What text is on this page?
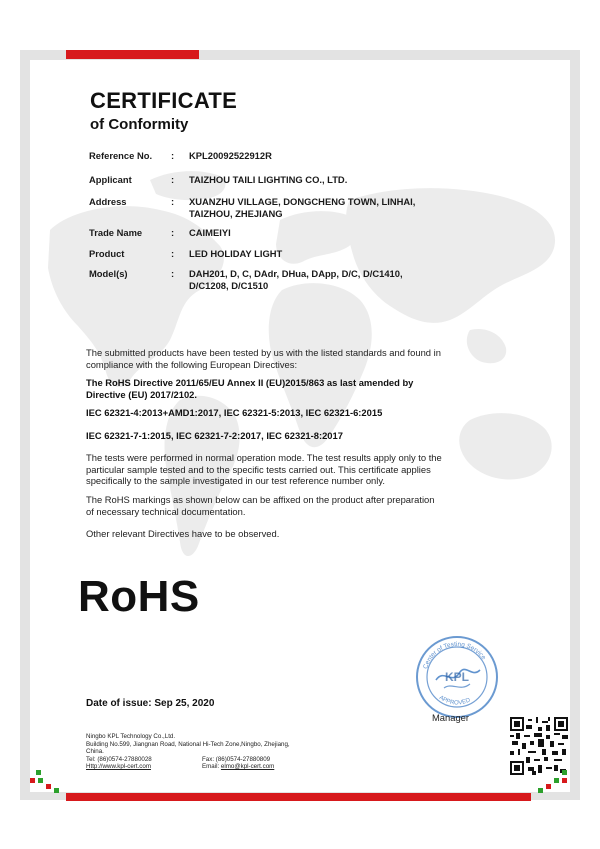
CERTIFICATE
of Conformity
Reference No.	:	KPL20092522912R
Applicant	:	TAIZHOU TAILI LIGHTING CO., LTD.
Address	:	XUANZHU VILLAGE, DONGCHENG TOWN, LINHAI,
TAIZHOU, ZHEJIANG
Trade Name	:	CAIMEIYI
Product	:	LED HOLIDAY LIGHT
Model(s)	:	DAH201, D, C, DAdr, DHua, DApp, D/C, D/C1410,
D/C1208, D/C1510
The submitted products have been tested by us with the listed standards and found in
compliance with the following European Directives:
The RoHS Directive 2011/65/EU Annex II (EU)2015/863 as last amended by
Directive (EU) 2017/2102.
IEC 62321-4:2013+AMD1:2017, IEC 62321-5:2013, IEC 62321-6:2015
IEC 62321-7-1:2015, IEC 62321-7-2:2017, IEC 62321-8:2017
The tests were performed in normal operation mode. The test results apply only to the
particular sample tested and to the specific tests carried out. This certificate applies
specifically to the sample investigated in our test reference number only.
The RoHS markings as shown below can be affixed on the product after preparation
of necessary technical documentation.
Other relevant Directives have to be observed.
RoHS
KPL
Center of Testing Service
APPROVED
Manager
Date of issue: Sep 25, 2020
Ningbo KPL Technology Co.,Ltd.
Building No.599, Jiangnan Road, National Hi-Tech Zone,Ningbo, Zhejiang,
China.
Tel: (86)0574-27880028	Fax: (86)0574-27880809
Http://www.kpl-cert.com	Email: elmo@kpl-cert.com
